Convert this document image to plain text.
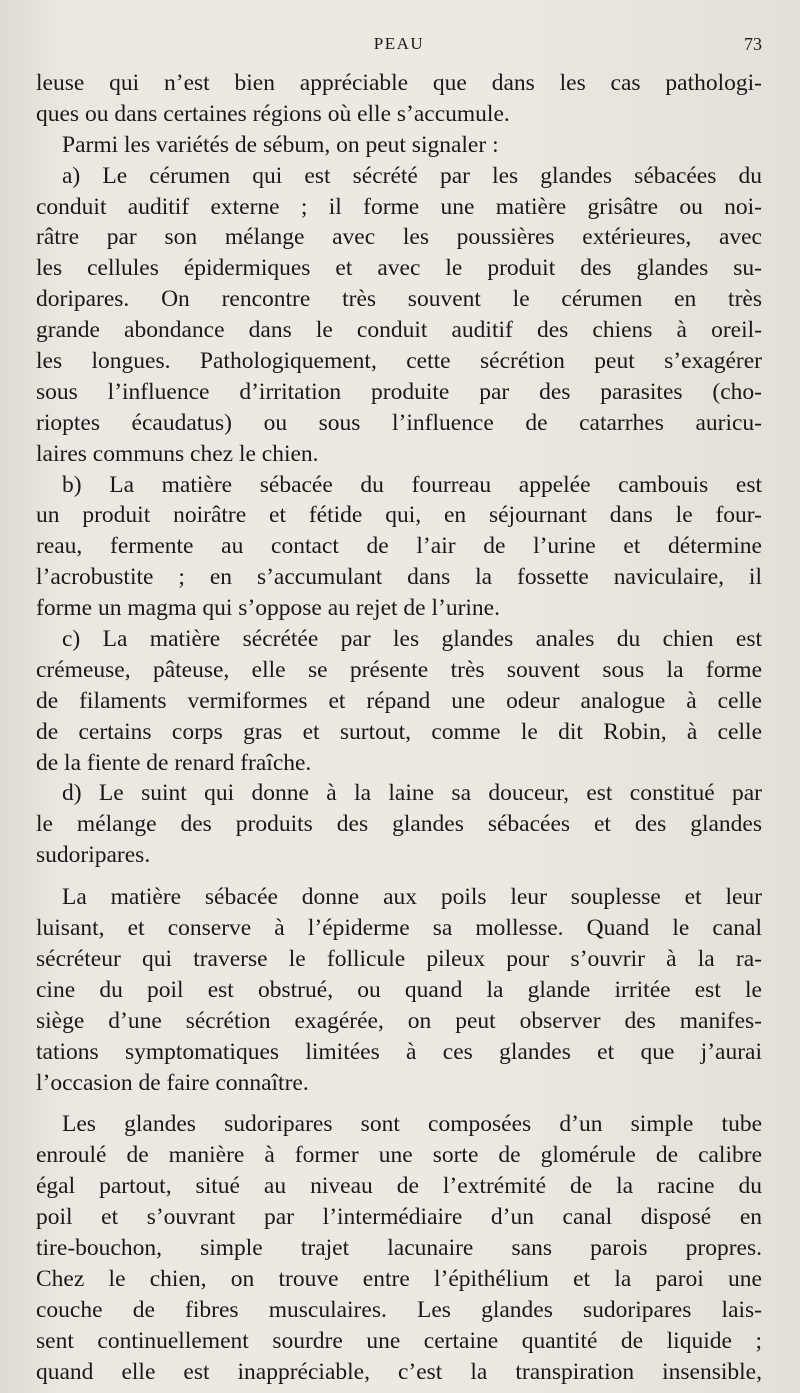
PEAU	73
leuse qui n’est bien appréciable que dans les cas pathologi-
ques ou dans certaines régions où elle s’accumule.
Parmi les variétés de sébum, on peut signaler :
a) Le cérumen qui est sécrété par les glandes sébacées du
conduit auditif externe ; il forme une matière grisâtre ou noi-
râtre par son mélange avec les poussières extérieures, avec
les cellules épidermiques et avec le produit des glandes su-
doripares. On rencontre très souvent le cérumen en très
grande abondance dans le conduit auditif des chiens à oreil-
les longues. Pathologiquement, cette sécrétion peut s’exagérer
sous l’influence d’irritation produite par des parasites (cho-
rioptes écaudatus) ou sous l’influence de catarrhes auricu-
laires communs chez le chien.
b) La matière sébacée du fourreau appelée cambouis est
un produit noirâtre et fétide qui, en séjournant dans le four-
reau, fermente au contact de l’air de l’urine et détermine
l’acrobustite ; en s’accumulant dans la fossette naviculaire, il
forme un magma qui s’oppose au rejet de l’urine.
c) La matière sécrétée par les glandes anales du chien est
crémeuse, pâteuse, elle se présente très souvent sous la forme
de filaments vermiformes et répand une odeur analogue à celle
de certains corps gras et surtout, comme le dit Robin, à celle
de la fiente de renard fraîche.
d) Le suint qui donne à la laine sa douceur, est constitué par
le mélange des produits des glandes sébacées et des glandes
sudoripares.
La matière sébacée donne aux poils leur souplesse et leur
luisant, et conserve à l’épiderme sa mollesse. Quand le canal
sécréteur qui traverse le follicule pileux pour s’ouvrir à la ra-
cine du poil est obstrué, ou quand la glande irritée est le
siège d’une sécrétion exagérée, on peut observer des manifes-
tations symptomatiques limitées à ces glandes et que j’aurai
l’occasion de faire connaître.
Les glandes sudoripares sont composées d’un simple tube
enroulé de manière à former une sorte de glomérule de calibre
égal partout, situé au niveau de l’extrémité de la racine du
poil et s’ouvrant par l’intermédiaire d’un canal disposé en
tire-bouchon, simple trajet lacunaire sans parois propres.
Chez le chien, on trouve entre l’épithélium et la paroi une
couche de fibres musculaires. Les glandes sudoripares lais-
sent continuellement sourdre une certaine quantité de liquide ;
quand elle est inappréciable, c’est la transpiration insensible,
